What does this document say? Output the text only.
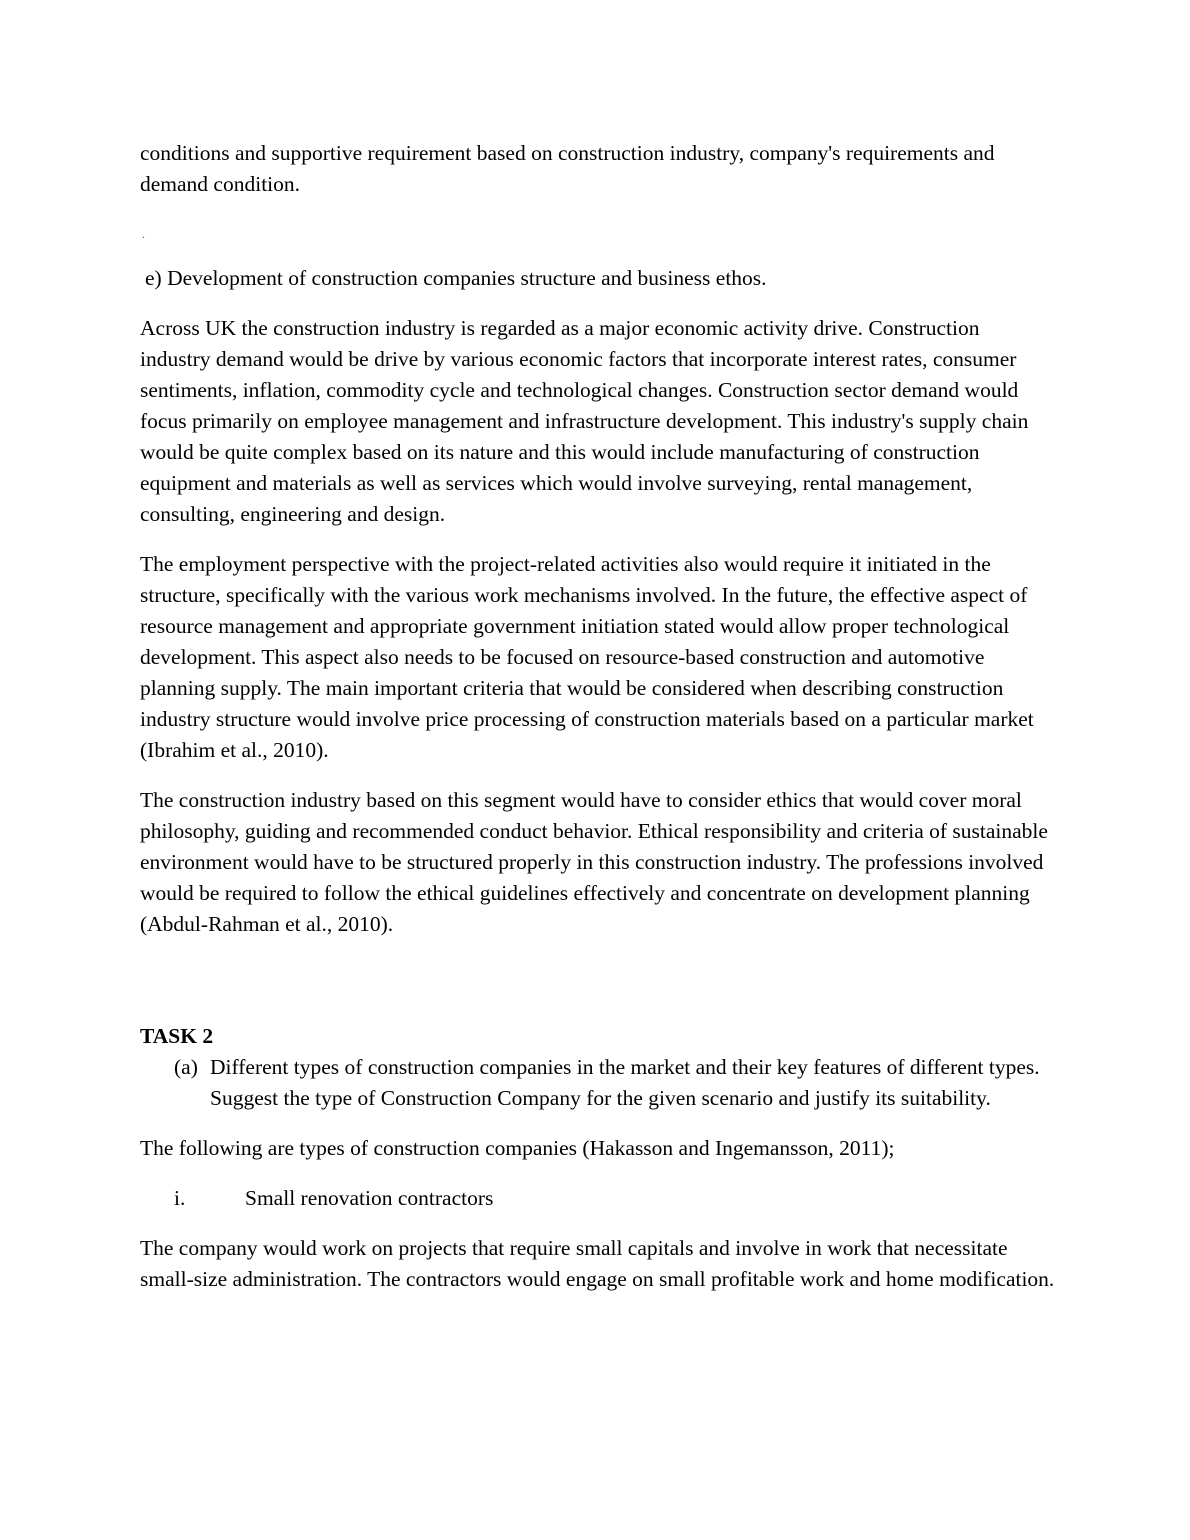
conditions and supportive requirement based on construction industry, company's requirements and demand condition.

.

e) Development of construction companies structure and business ethos.

Across UK the construction industry is regarded as a major economic activity drive. Construction industry demand would be drive by various economic factors that incorporate interest rates, consumer sentiments, inflation, commodity cycle and technological changes. Construction sector demand would focus primarily on employee management and infrastructure development. This industry's supply chain would be quite complex based on its nature and this would include manufacturing of construction equipment and materials as well as services which would involve surveying, rental management, consulting, engineering and design.

The employment perspective with the project-related activities also would require it initiated in the structure, specifically with the various work mechanisms involved. In the future, the effective aspect of resource management and appropriate government initiation stated would allow proper technological development. This aspect also needs to be focused on resource-based construction and automotive planning supply. The main important criteria that would be considered when describing construction industry structure would involve price processing of construction materials based on a particular market (Ibrahim et al., 2010).

The construction industry based on this segment would have to consider ethics that would cover moral philosophy, guiding and recommended conduct behavior. Ethical responsibility and criteria of sustainable environment would have to be structured properly in this construction industry. The professions involved would be required to follow the ethical guidelines effectively and concentrate on development planning (Abdul-Rahman et al., 2010).

TASK 2

(a) Different types of construction companies in the market and their key features of different types. Suggest the type of Construction Company for the given scenario and justify its suitability.

The following are types of construction companies (Hakasson and Ingemansson, 2011);

i.	Small renovation contractors

The company would work on projects that require small capitals and involve in work that necessitate small-size administration. The contractors would engage on small profitable work and home modification.
